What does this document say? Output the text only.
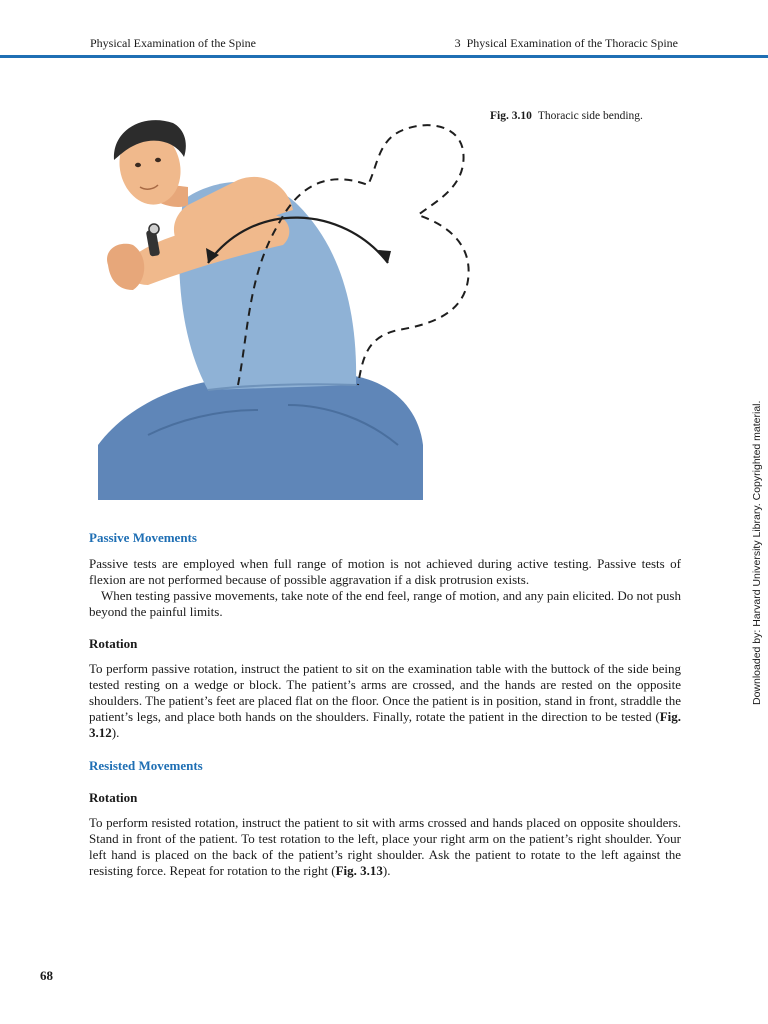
Physical Examination of the Spine	3  Physical Examination of the Thoracic Spine
Fig. 3.10 Thoracic side bending.
Downloaded by: Harvard University Library. Copyrighted material.
Passive Movements

Passive tests are employed when full range of motion is not achieved during active testing. Passive tests of flexion are not performed because of possible aggravation if a disk protrusion exists.

When testing passive movements, take note of the end feel, range of motion, and any pain elicited. Do not push beyond the painful limits.

Rotation

To perform passive rotation, instruct the patient to sit on the examination table with the buttock of the side being tested resting on a wedge or block. The patient’s arms are crossed, and the hands are rested on the opposite shoulders. The patient’s feet are placed flat on the floor. Once the patient is in position, stand in front, straddle the patient’s legs, and place both hands on the shoulders. Finally, rotate the patient in the direction to be tested (Fig. 3.12).

Resisted Movements
Rotation

To perform resisted rotation, instruct the patient to sit with arms crossed and hands placed on opposite shoulders. Stand in front of the patient. To test rotation to the left, place your right arm on the patient’s right shoulder. Your left hand is placed on the back of the patient’s right shoulder. Ask the patient to rotate to the left against the resisting force. Repeat for rotation to the right (Fig. 3.13).

68
